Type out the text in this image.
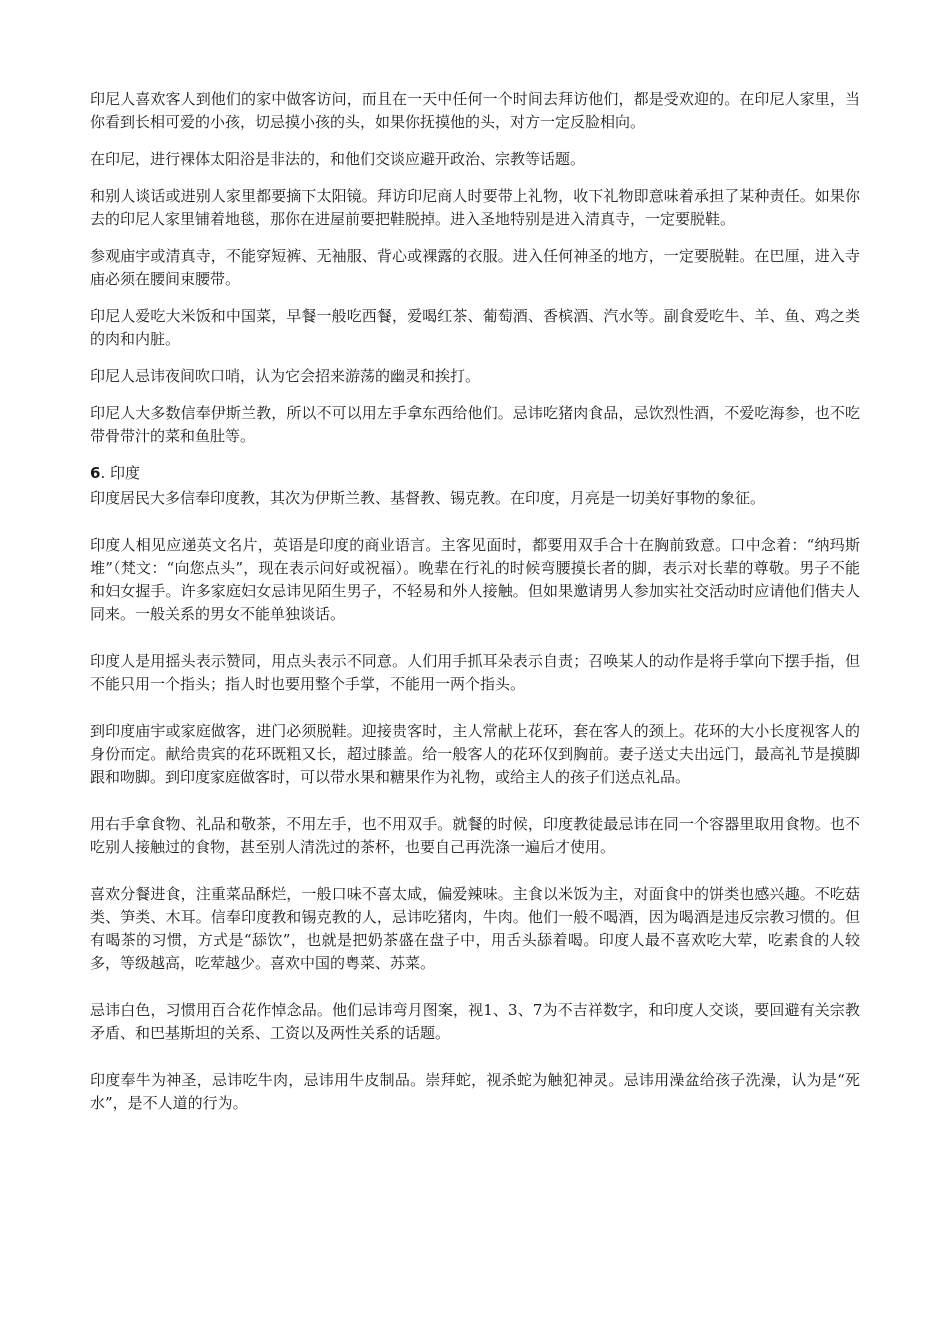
印尼人喜欢客人到他们的家中做客访问，而且在一天中任何一个时间去拜访他们，都是受欢迎的。在印尼人家里，当你看到长相可爱的小孩，切忌摸小孩的头，如果你抚摸他的头，对方一定反脸相向。

在印尼，进行裸体太阳浴是非法的，和他们交谈应避开政治、宗教等话题。

和别人谈话或进别人家里都要摘下太阳镜。拜访印尼商人时要带上礼物，收下礼物即意味着承担了某种责任。如果你去的印尼人家里铺着地毯，那你在进屋前要把鞋脱掉。进入圣地特别是进入清真寺，一定要脱鞋。

参观庙宇或清真寺，不能穿短裤、无袖服、背心或裸露的衣服。进入任何神圣的地方，一定要脱鞋。在巴厘，进入寺庙必须在腰间束腰带。

印尼人爱吃大米饭和中国菜，早餐一般吃西餐，爱喝红茶、葡萄酒、香槟酒、汽水等。副食爱吃牛、羊、鱼、鸡之类的肉和内脏。

印尼人忌讳夜间吹口哨，认为它会招来游荡的幽灵和挨打。

印尼人大多数信奉伊斯兰教，所以不可以用左手拿东西给他们。忌讳吃猪肉食品，忌饮烈性酒，不爱吃海参，也不吃带骨带汁的菜和鱼肚等。

6. 印度

印度居民大多信奉印度教，其次为伊斯兰教、基督教、锡克教。在印度，月亮是一切美好事物的象征。

印度人相见应递英文名片，英语是印度的商业语言。主客见面时，都要用双手合十在胸前致意。口中念着：“纳玛斯堆”（梵文：“向您点头”，现在表示问好或祝福）。晚辈在行礼的时候弯腰摸长者的脚，表示对长辈的尊敬。男子不能和妇女握手。许多家庭妇女忌讳见陌生男子，不轻易和外人接触。但如果邀请男人参加实社交活动时应请他们偕夫人同来。一般关系的男女不能单独谈话。

印度人是用摇头表示赞同，用点头表示不同意。人们用手抓耳朵表示自责；召唤某人的动作是将手掌向下摆手指，但不能只用一个指头；指人时也要用整个手掌，不能用一两个指头。

到印度庙宇或家庭做客，进门必须脱鞋。迎接贵客时，主人常献上花环，套在客人的颈上。花环的大小长度视客人的身份而定。献给贵宾的花环既粗又长，超过膝盖。给一般客人的花环仅到胸前。妻子送丈夫出远门，最高礼节是摸脚跟和吻脚。到印度家庭做客时，可以带水果和糖果作为礼物，或给主人的孩子们送点礼品。

用右手拿食物、礼品和敬茶，不用左手，也不用双手。就餐的时候，印度教徒最忌讳在同一个容器里取用食物。也不吃别人接触过的食物，甚至别人清洗过的茶杯，也要自己再洗涤一遍后才使用。

喜欢分餐进食，注重菜品酥烂，一般口味不喜太咸，偏爱辣味。主食以米饭为主，对面食中的饼类也感兴趣。不吃菇类、笋类、木耳。信奉印度教和锡克教的人，忌讳吃猪肉，牛肉。他们一般不喝酒，因为喝酒是违反宗教习惯的。但有喝茶的习惯，方式是“舔饮”，也就是把奶茶盛在盘子中，用舌头舔着喝。印度人最不喜欢吃大荤，吃素食的人较多，等级越高，吃荤越少。喜欢中国的粤菜、苏菜。

忌讳白色，习惯用百合花作悼念品。他们忌讳弯月图案，视1、3、7为不吉祥数字，和印度人交谈，要回避有关宗教矛盾、和巴基斯坦的关系、工资以及两性关系的话题。

印度奉牛为神圣，忌讳吃牛肉，忌讳用牛皮制品。崇拜蛇，视杀蛇为触犯神灵。忌讳用澡盆给孩子洗澡，认为是“死水”，是不人道的行为。
